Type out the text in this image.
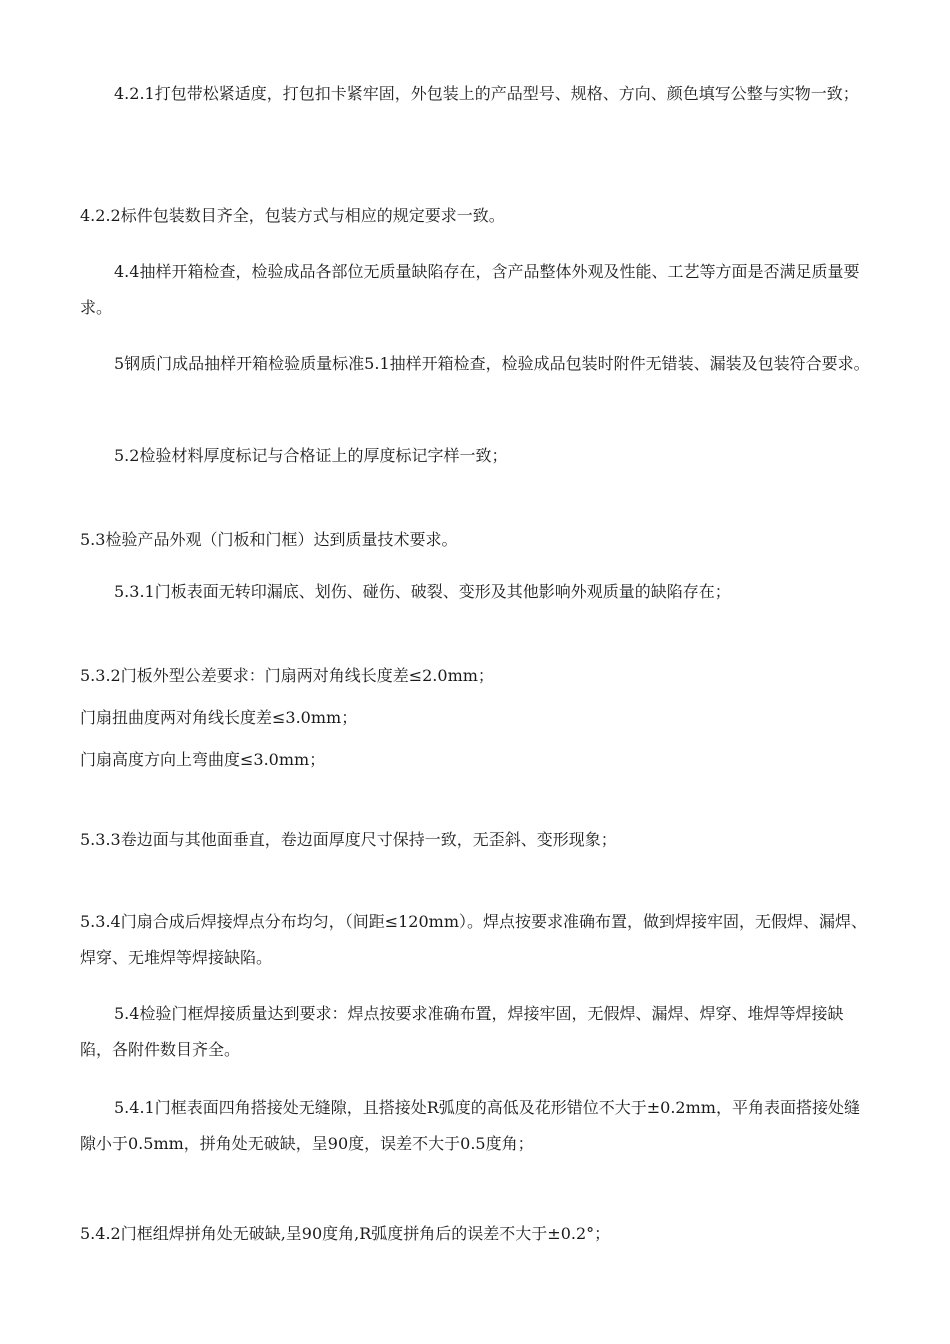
4.2.1打包带松紧适度，打包扣卡紧牢固，外包装上的产品型号、规格、方向、颜色填写公整与实物一致；

4.2.2标件包装数目齐全，包装方式与相应的规定要求一致。

4.4抽样开箱检查，检验成品各部位无质量缺陷存在，含产品整体外观及性能、工艺等方面是否满足质量要求。

5钢质门成品抽样开箱检验质量标准5.1抽样开箱检查，检验成品包装时附件无错装、漏装及包装符合要求。

5.2检验材料厚度标记与合格证上的厚度标记字样一致；

5.3检验产品外观（门板和门框）达到质量技术要求。

5.3.1门板表面无转印漏底、划伤、碰伤、破裂、变形及其他影响外观质量的缺陷存在；

5.3.2门板外型公差要求：门扇两对角线长度差≤2.0mm；

门扇扭曲度两对角线长度差≤3.0mm；

门扇高度方向上弯曲度≤3.0mm；

5.3.3卷边面与其他面垂直，卷边面厚度尺寸保持一致，无歪斜、变形现象；

5.3.4门扇合成后焊接焊点分布均匀，（间距≤120mm）。焊点按要求准确布置，做到焊接牢固，无假焊、漏焊、焊穿、无堆焊等焊接缺陷。

5.4检验门框焊接质量达到要求：焊点按要求准确布置，焊接牢固，无假焊、漏焊、焊穿、堆焊等焊接缺陷，各附件数目齐全。

5.4.1门框表面四角搭接处无缝隙，且搭接处R弧度的高低及花形错位不大于±0.2mm，平角表面搭接处缝隙小于0.5mm，拼角处无破缺，呈90度，误差不大于0.5度角；

5.4.2门框组焊拼角处无破缺,呈90度角,R弧度拼角后的误差不大于±0.2°；
